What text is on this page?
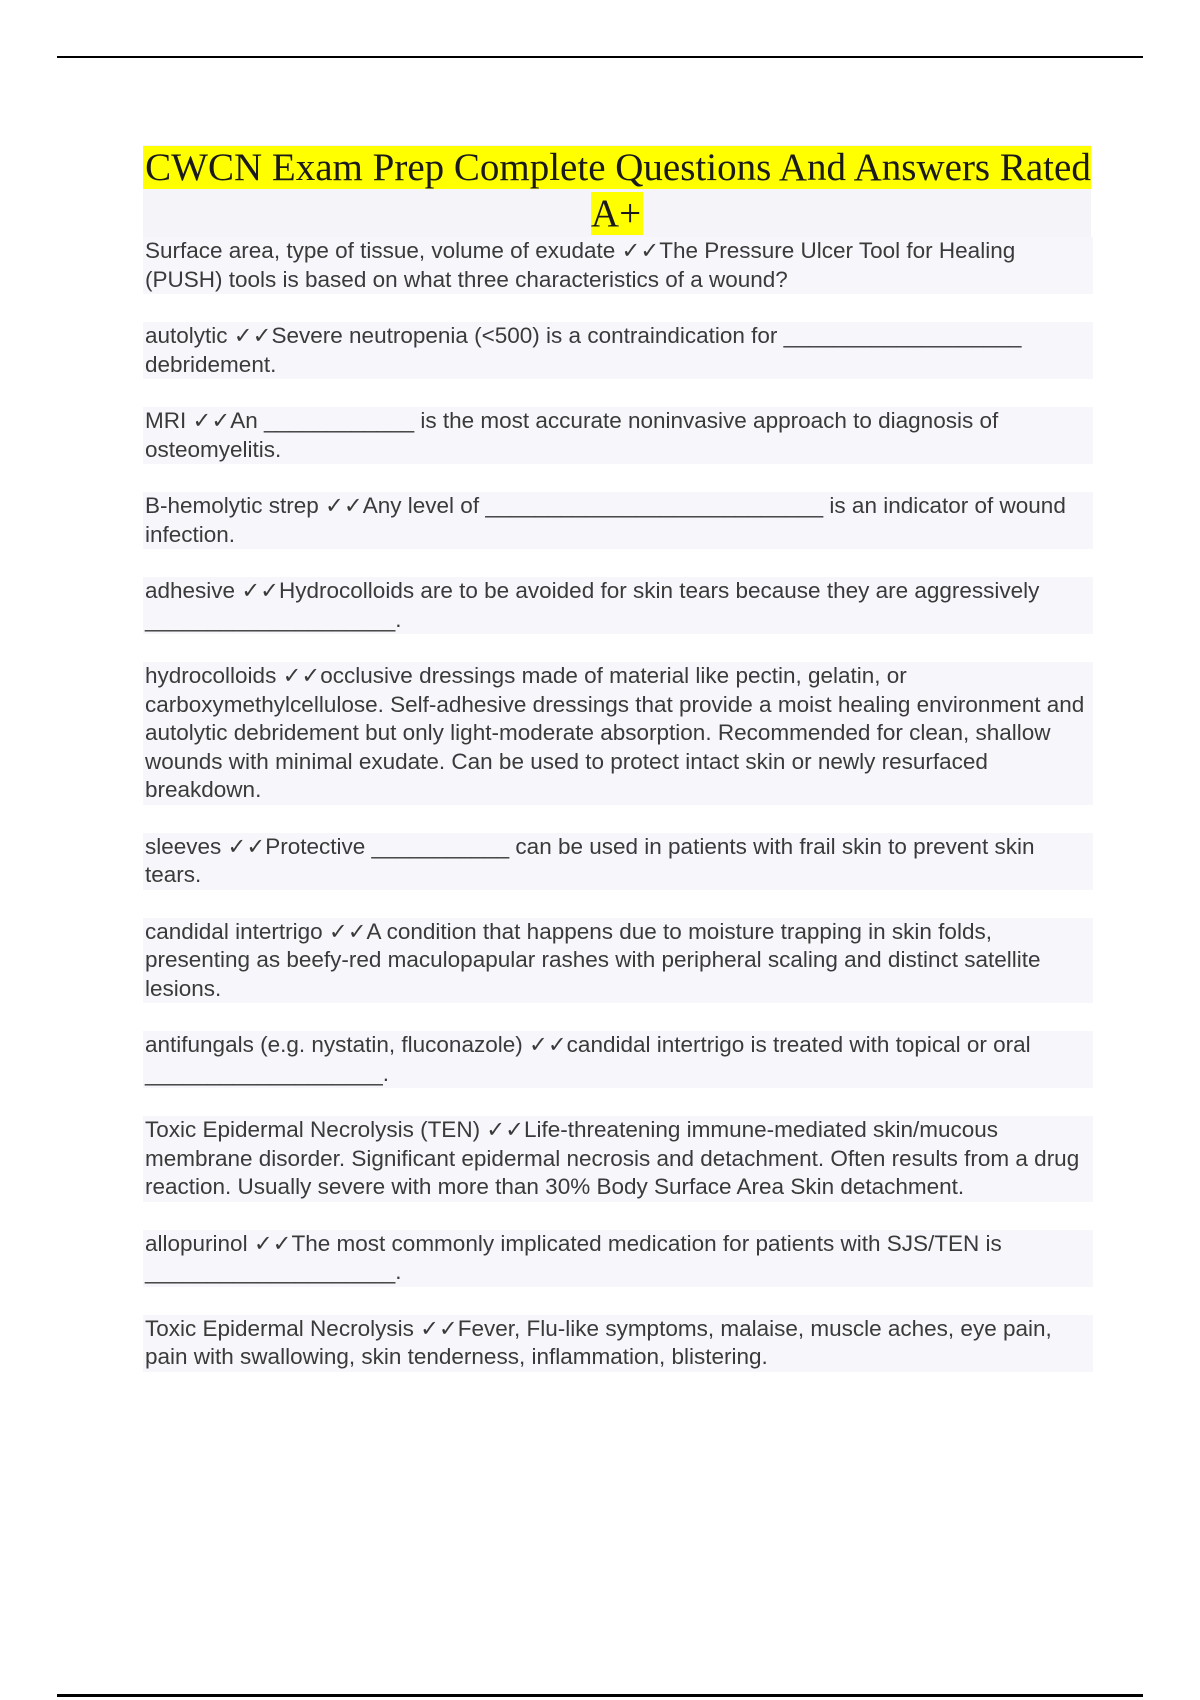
CWCN Exam Prep Complete Questions And Answers Rated A+

Surface area, type of tissue, volume of exudate ✓✓The Pressure Ulcer Tool for Healing (PUSH) tools is based on what three characteristics of a wound?

autolytic ✓✓Severe neutropenia (<500) is a contraindication for ___________________ debridement.

MRI ✓✓An ____________ is the most accurate noninvasive approach to diagnosis of osteomyelitis.

B-hemolytic strep ✓✓Any level of ___________________________ is an indicator of wound infection.

adhesive ✓✓Hydrocolloids are to be avoided for skin tears because they are aggressively ____________________.

hydrocolloids ✓✓occlusive dressings made of material like pectin, gelatin, or carboxymethylcellulose. Self-adhesive dressings that provide a moist healing environment and autolytic debridement but only light-moderate absorption. Recommended for clean, shallow wounds with minimal exudate. Can be used to protect intact skin or newly resurfaced breakdown.

sleeves ✓✓Protective ___________ can be used in patients with frail skin to prevent skin tears.

candidal intertrigo ✓✓A condition that happens due to moisture trapping in skin folds, presenting as beefy-red maculopapular rashes with peripheral scaling and distinct satellite lesions.

antifungals (e.g. nystatin, fluconazole) ✓✓candidal intertrigo is treated with topical or oral ___________________.

Toxic Epidermal Necrolysis (TEN) ✓✓Life-threatening immune-mediated skin/mucous membrane disorder. Significant epidermal necrosis and detachment. Often results from a drug reaction. Usually severe with more than 30% Body Surface Area Skin detachment.

allopurinol ✓✓The most commonly implicated medication for patients with SJS/TEN is ____________________.

Toxic Epidermal Necrolysis ✓✓Fever, Flu-like symptoms, malaise, muscle aches, eye pain, pain with swallowing, skin tenderness, inflammation, blistering.
